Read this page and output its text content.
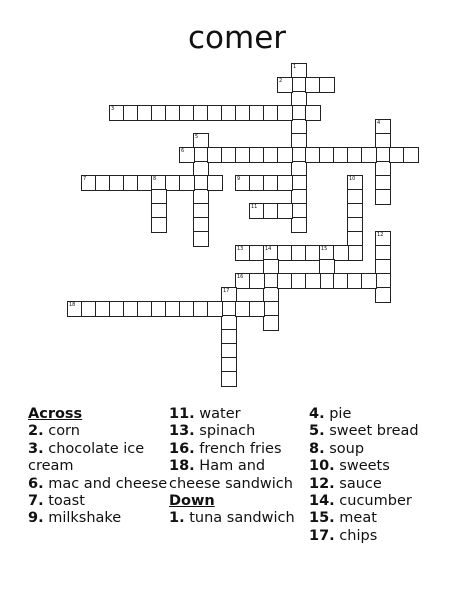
comer
1
2
3
4
5
6
7	8	9	10
11
12
13	14	15
16
17
18
Across
2. corn
3. chocolate ice cream
6. mac and cheese
7. toast
9. milkshake
11. water
13. spinach
16. french fries
18. Ham and cheese sandwich
Down
1. tuna sandwich
4. pie
5. sweet bread
8. soup
10. sweets
12. sauce
14. cucumber
15. meat
17. chips
